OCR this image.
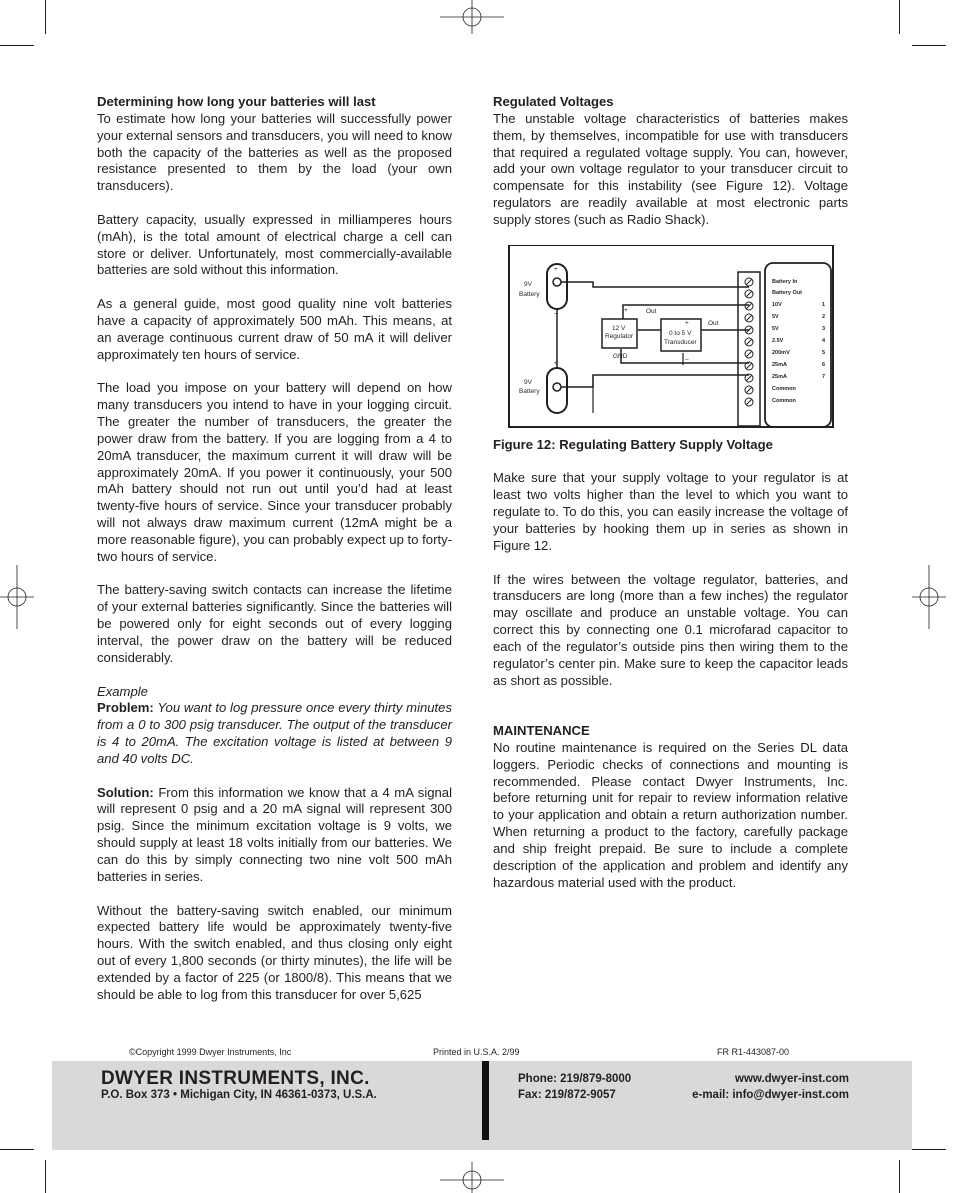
Determining how long your batteries will last

To estimate how long your batteries will successfully power your external sensors and transducers, you will need to know both the capacity of the batteries as well as the proposed resistance presented to them by the load (your own transducers).

Battery capacity, usually expressed in milliamperes hours (mAh), is the total amount of electrical charge a cell can store or deliver. Unfortunately, most commercially-available batteries are sold without this information.

As a general guide, most good quality nine volt batteries have a capacity of approximately 500 mAh. This means, at an average continuous current draw of 50 mA it will deliver approximately ten hours of service.

The load you impose on your battery will depend on how many transducers you intend to have in your logging circuit. The greater the number of transducers, the greater the power draw from the battery. If you are logging from a 4 to 20mA transducer, the maximum current it will draw will be approximately 20mA. If you power it continuously, your 500 mAh battery should not run out until you’d had at least twenty-five hours of service. Since your transducer probably will not always draw maximum current (12mA might be a more reasonable figure), you can probably expect up to forty-two hours of service.

The battery-saving switch contacts can increase the lifetime of your external batteries significantly. Since the batteries will be powered only for eight seconds out of every logging interval, the power draw on the battery will be reduced considerably.

Example

Problem: You want to log pressure once every thirty minutes from a 0 to 300 psig transducer. The output of the transducer is 4 to 20mA. The excitation voltage is listed at between 9 and 40 volts DC.

Solution: From this information we know that a 4 mA signal will represent 0 psig and a 20 mA signal will represent 300 psig. Since the minimum excitation voltage is 9 volts, we should supply at least 18 volts initially from our batteries. We can do this by simply connecting two nine volt 500 mAh batteries in series.

Without the battery-saving switch enabled, our minimum expected battery life would be approximately twenty-five hours. With the switch enabled, and thus closing only eight out of every 1,800 seconds (or thirty minutes), the life will be extended by a factor of 225 (or 1800/8). This means that we should be able to log from this transducer for over 5,625

Regulated Voltages

The unstable voltage characteristics of batteries makes them, by themselves, incompatible for use with transducers that required a regulated voltage supply. You can, however, add your own voltage regulator to your transducer circuit to compensate for this instability (see Figure 12). Voltage regulators are readily available at most electronic parts supply stores (such as Radio Shack).

9V
Battery
9V
Battery
+
–
+
+
+
–
12 V
Regulator
GND
0 to 5 V
Transducer
Out
Out
Battery In
Battery Out
10V
5V
5V
2.5V
200mV
25mA
25mA
Common
Common
1
2
3
4
5
6
7

Figure 12: Regulating Battery Supply Voltage

Make sure that your supply voltage to your regulator is at least two volts higher than the level to which you want to regulate to. To do this, you can easily increase the voltage of your batteries by hooking them up in series as shown in Figure 12.

If the wires between the voltage regulator, batteries, and transducers are long (more than a few inches) the regulator may oscillate and produce an unstable voltage. You can correct this by connecting one 0.1 microfarad capacitor to each of the regulator’s outside pins then wiring them to the regulator’s center pin. Make sure to keep the capacitor leads as short as possible.

MAINTENANCE

No routine maintenance is required on the Series DL data loggers. Periodic checks of connections and mounting is recommended. Please contact Dwyer Instruments, Inc. before returning unit for repair to review information relative to your application and obtain a return authorization number. When returning a product to the factory, carefully package and ship freight prepaid. Be sure to include a complete description of the application and problem and identify any hazardous material used with the product.

©Copyright 1999 Dwyer Instruments, Inc	Printed in U.S.A. 2/99	FR R1-443087-00
DWYER INSTRUMENTS, INC.
P.O. Box 373 • Michigan City, IN 46361-0373, U.S.A.
Phone: 219/879-8000
Fax: 219/872-9057
www.dwyer-inst.com
e-mail: info@dwyer-inst.com
